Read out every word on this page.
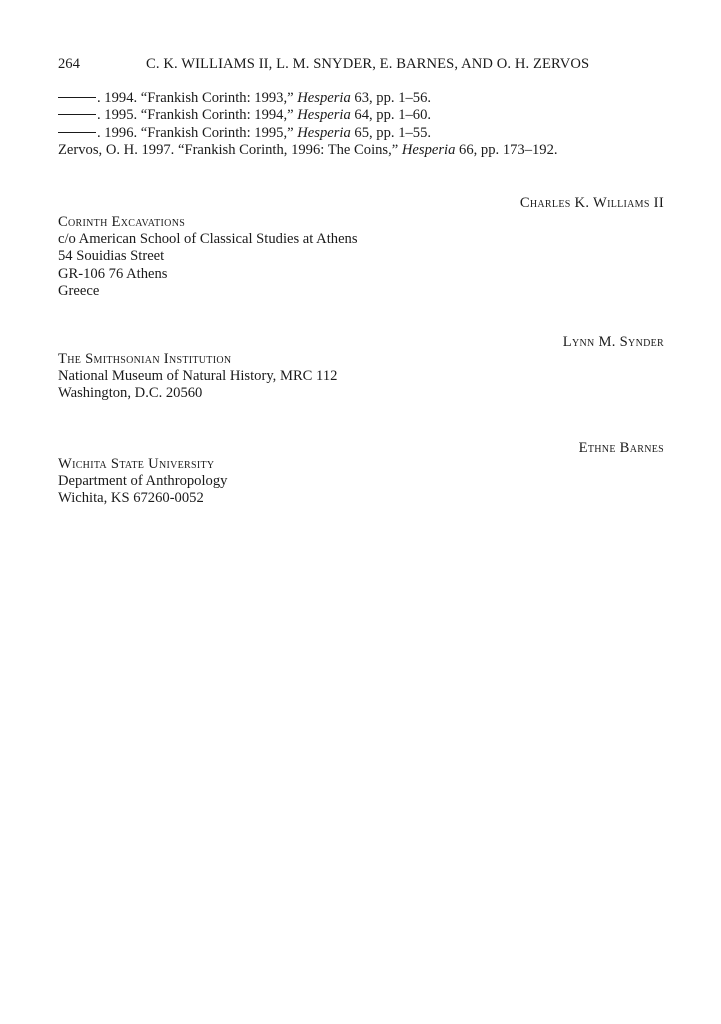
264	C. K. WILLIAMS II, L. M. SNYDER, E. BARNES, AND O. H. ZERVOS
. 1994. “Frankish Corinth: 1993,” Hesperia 63, pp. 1–56.
. 1995. “Frankish Corinth: 1994,” Hesperia 64, pp. 1–60.
. 1996. “Frankish Corinth: 1995,” Hesperia 65, pp. 1–55.
Zervos, O. H. 1997. “Frankish Corinth, 1996: The Coins,” Hesperia 66, pp. 173–192.
Charles K. Williams II
Corinth Excavations
c/o American School of Classical Studies at Athens
54 Souidias Street
GR-106 76 Athens
Greece
Lynn M. Synder
The Smithsonian Institution
National Museum of Natural History, MRC 112
Washington, D.C. 20560
Ethne Barnes
Wichita State University
Department of Anthropology
Wichita, KS 67260-0052
